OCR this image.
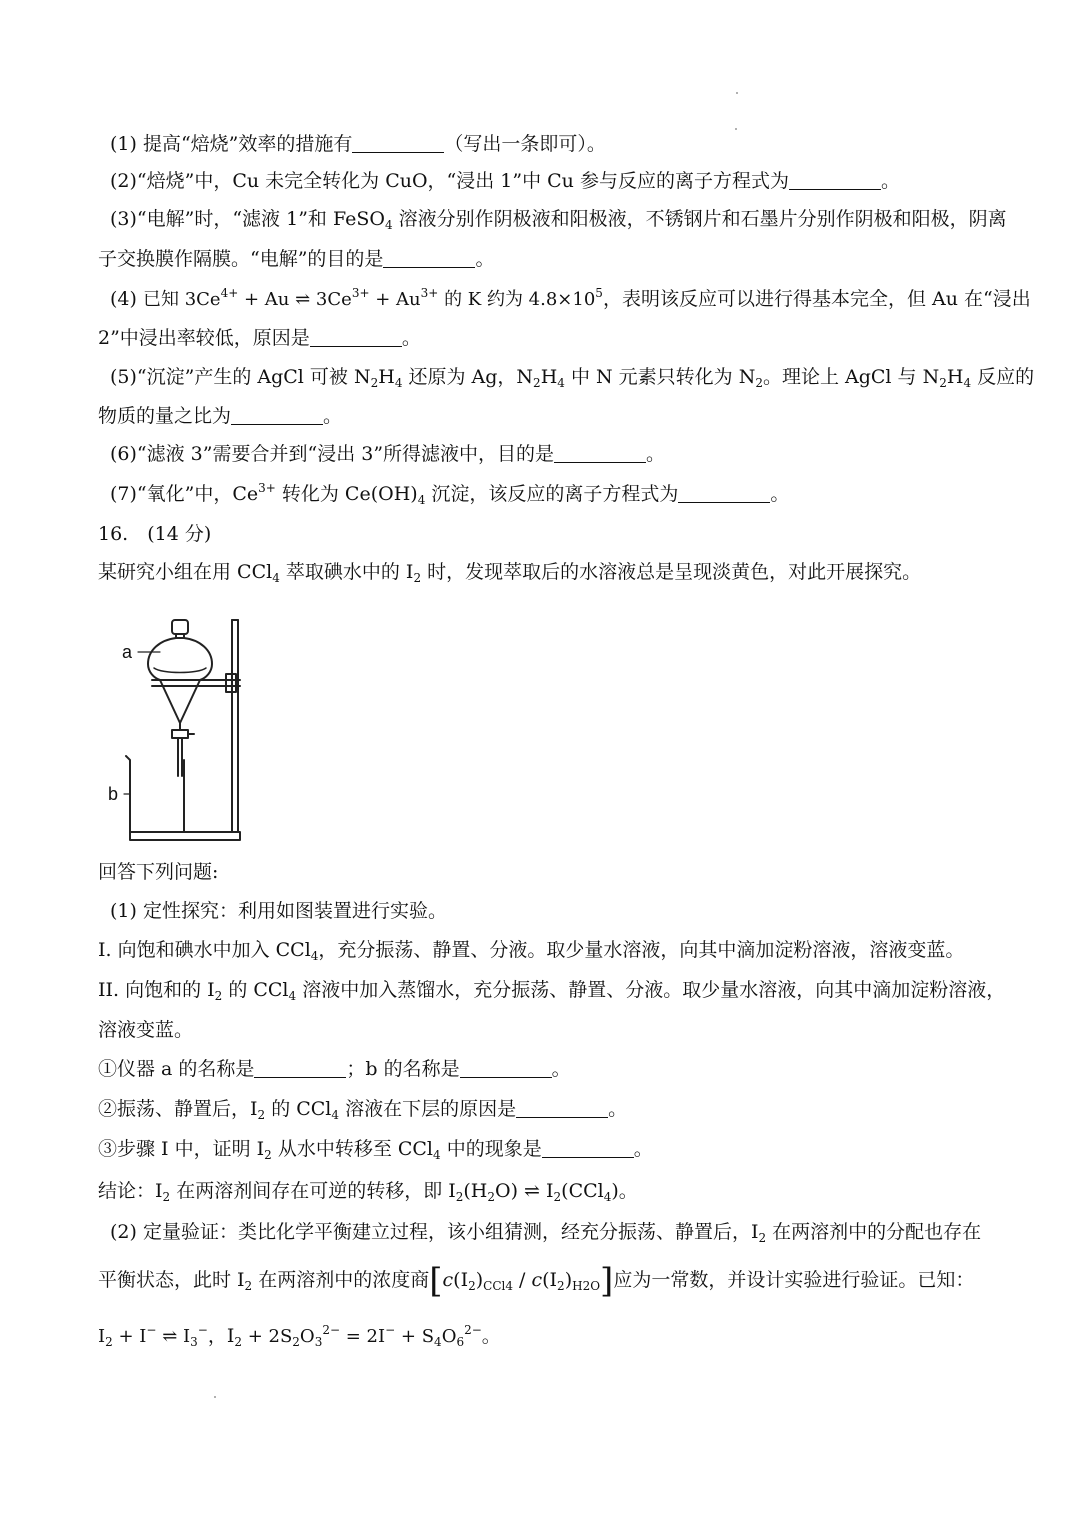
(1) 提高“焙烧”效率的措施有	（写出一条即可）。
(2)“焙烧”中，Cu 未完全转化为 CuO，“浸出 1”中 Cu 参与反应的离子方程式为	。
(3)“电解”时，“滤液 1”和 FeSO$_4$ 溶液分别作阴极液和阳极液，不锈钢片和石墨片分别作阴极和阳极，阴离
子交换膜作隔膜。“电解”的目的是	。
(4) 已知 $3Ce^{4+} + Au$ ⇌ $3Ce^{3+} + Au^{3+}$ 的 K 约为 $4.8\times 10^5$，表明该反应可以进行得基本完全，但 Au 在“浸出
2”中浸出率较低，原因是	。
(5)“沉淀”产生的 AgCl 可被 $N_2H_4$ 还原为 Ag，$N_2H_4$ 中 N 元素只转化为 $N_2$。理论上 AgCl 与 $N_2H_4$ 反应的
物质的量之比为	。
(6)“滤液 3”需要合并到“浸出 3”所得滤液中，目的是	。
(7)“氧化”中，$Ce^{3+}$ 转化为 $Ce(OH)_4$ 沉淀，该反应的离子方程式为	。
16.　(14 分)
某研究小组在用 CCl$_4$ 萃取碘水中的 $I_2$ 时，发现萃取后的水溶液总是呈现淡黄色，对此开展探究。
a
b
回答下列问题:
(1) 定性探究：利用如图装置进行实验。
I. 向饱和碘水中加入 CCl$_4$，充分振荡、静置、分液。取少量水溶液，向其中滴加淀粉溶液，溶液变蓝。
II. 向饱和的 $I_2$ 的 CCl$_4$ 溶液中加入蒸馏水，充分振荡、静置、分液。取少量水溶液，向其中滴加淀粉溶液，
溶液变蓝。
①仪器 a 的名称是	；b 的名称是	。
②振荡、静置后，$I_2$ 的 CCl$_4$ 溶液在下层的原因是	。
③步骤 I 中，证明 $I_2$ 从水中转移至 CCl$_4$ 中的现象是	。
结论：$I_2$ 在两溶剂间存在可逆的转移，即 $I_2(H_2O)$ ⇌ $I_2(CCl_4)$。
(2) 定量验证：类比化学平衡建立过程，该小组猜测，经充分振荡、静置后，$I_2$ 在两溶剂中的分配也存在
平衡状态，此时 $I_2$ 在两溶剂中的浓度商$[c(I_2)_{CCl4} / c(I_2)_{H2O}]$应为一常数，并设计实验进行验证。已知：
$I_2 + I^-$ ⇌ $I_3^-$，$I_2 + 2S_2O_3^{2-} = 2I^- + S_4O_6^{2-}$。
